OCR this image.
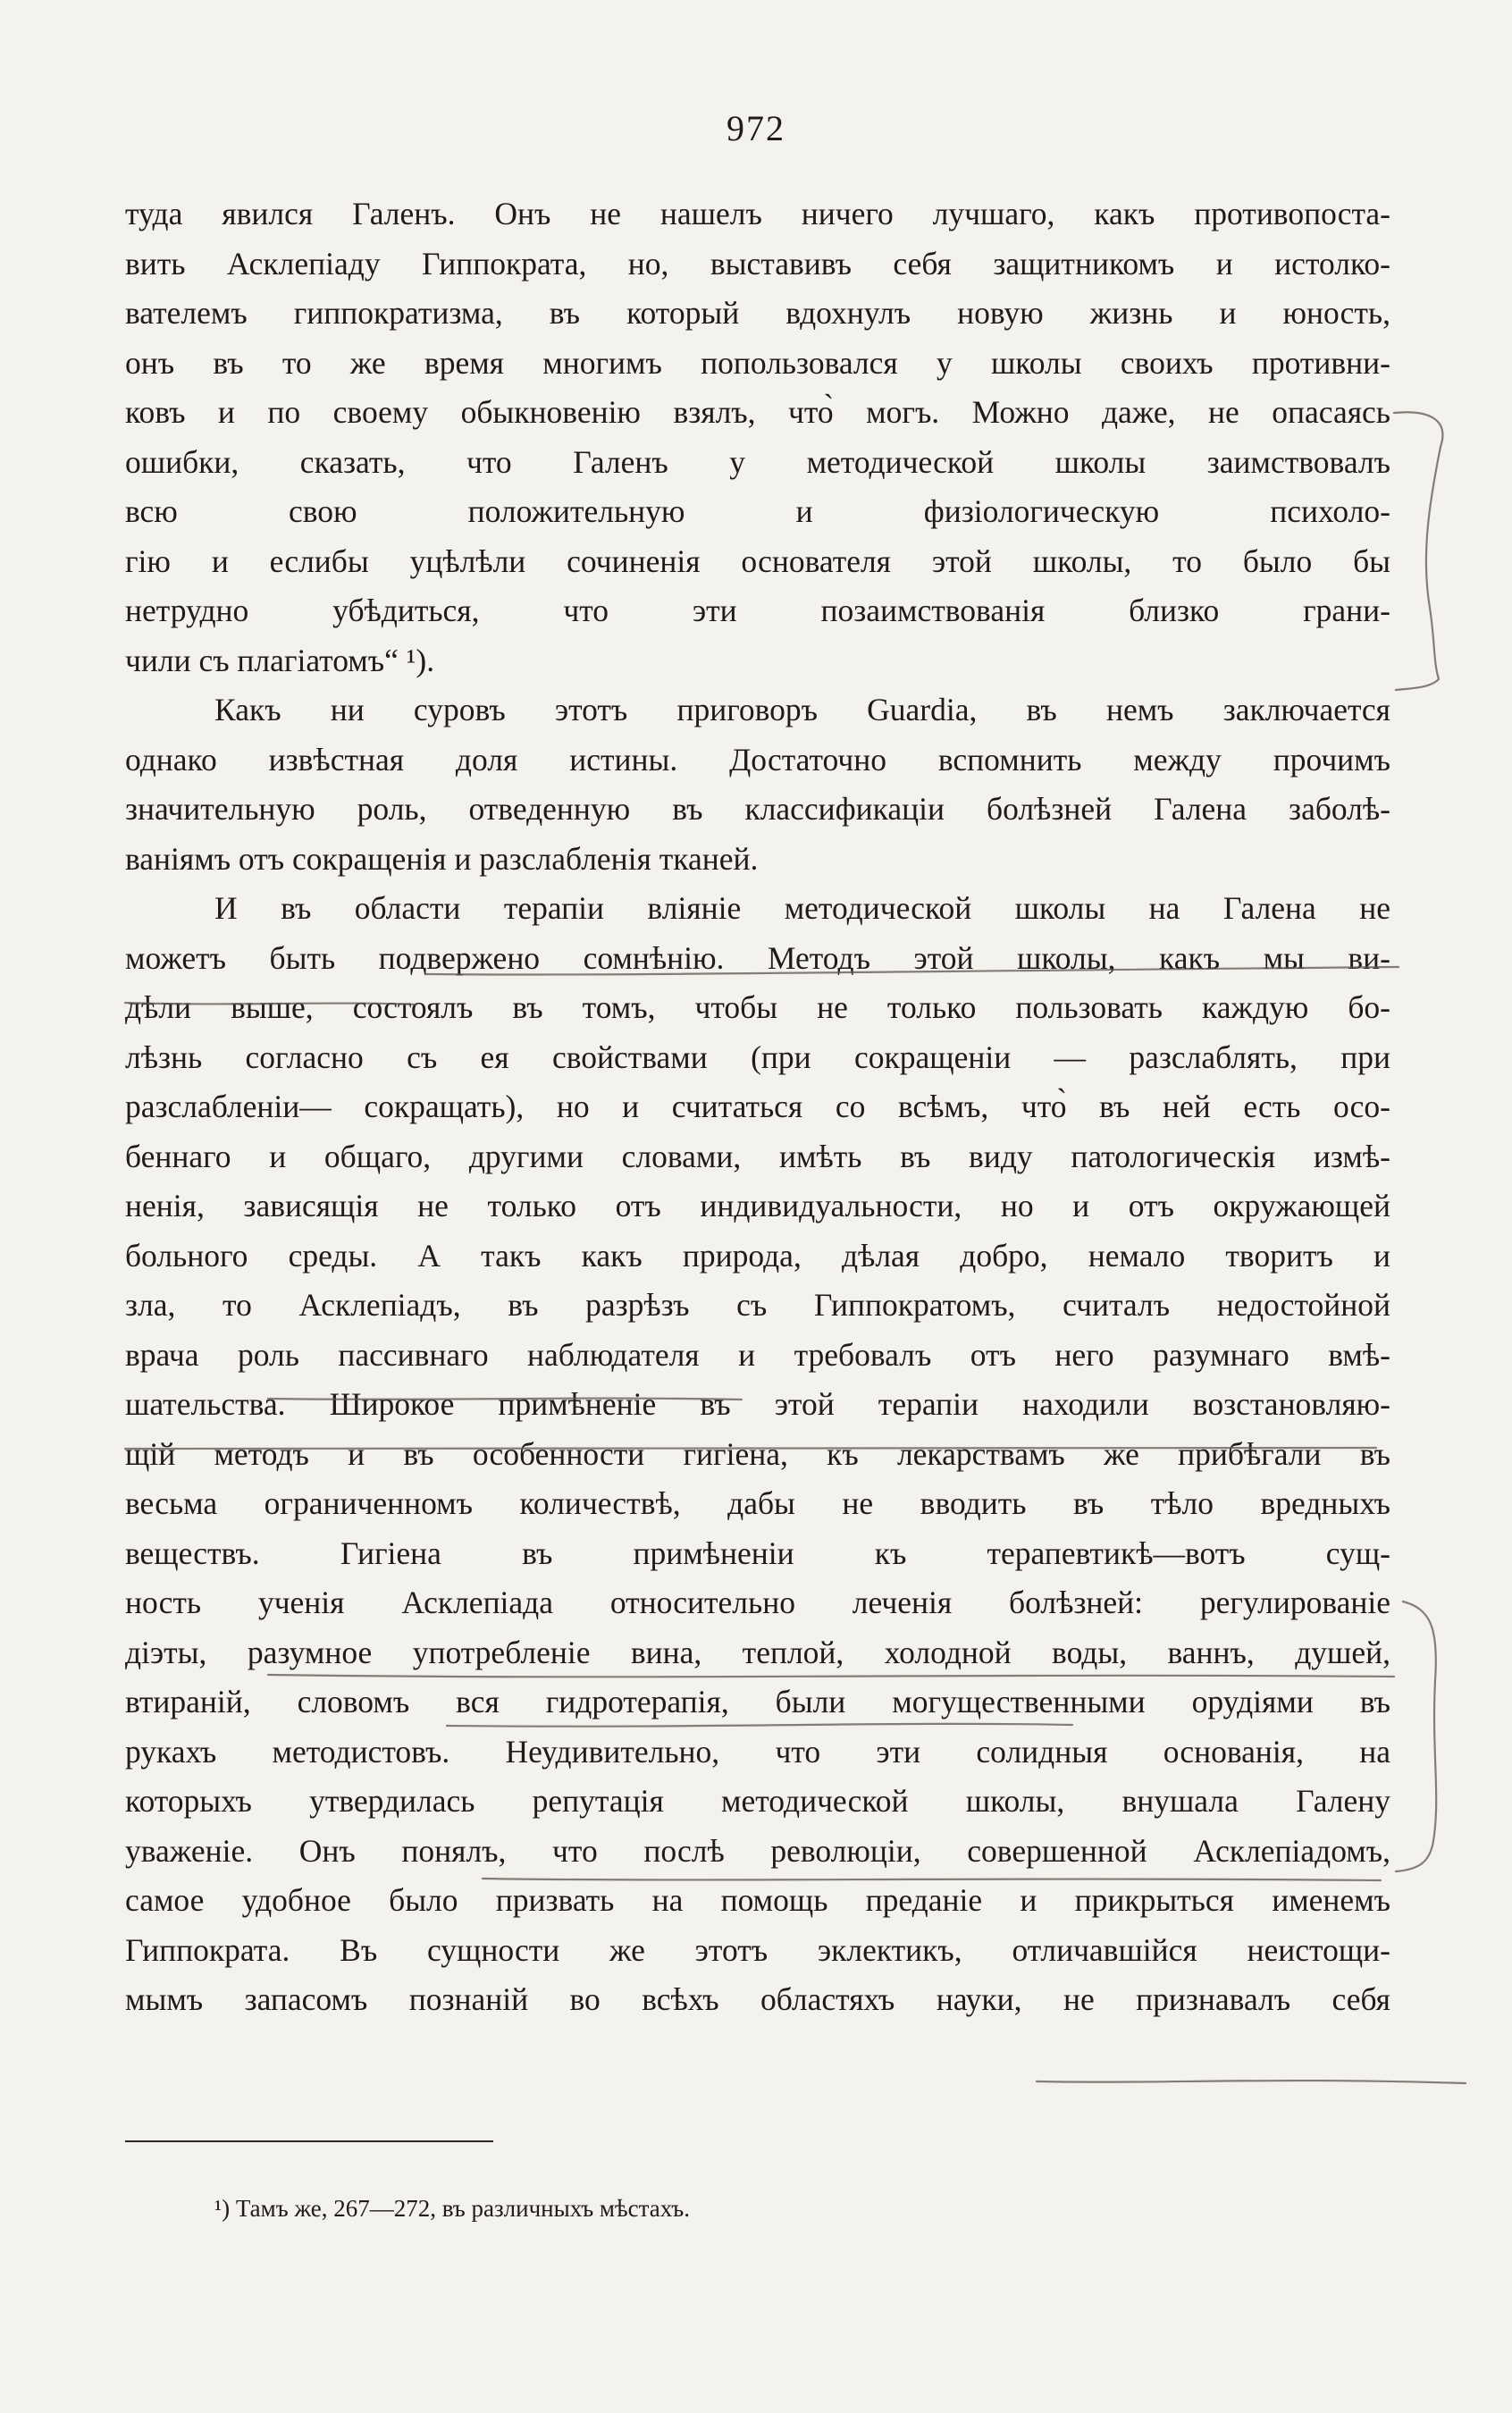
972
туда явился Галенъ. Онъ не нашелъ ничего лучшаго, какъ противопоста-
вить Асклепіаду Гиппократа, но, выставивъ себя защитникомъ и истолко-
вателемъ гиппократизма, въ который вдохнулъ новую жизнь и юность,
онъ въ то же время многимъ попользовался у школы своихъ противни-
ковъ и по своему обыкновенію взялъ, что̀ могъ. Можно даже, не опасаясь
ошибки, сказать, что Галенъ у методической школы заимствовалъ
всю свою положительную и физіологическую психоло-
гію и еслибы уцѣлѣли сочиненія основателя этой школы, то было бы
нетрудно убѣдиться, что эти позаимствованія близко грани-
чили съ плагіатомъ“ ¹).
Какъ ни суровъ этотъ приговоръ Guardia, въ немъ заключается
однако извѣстная доля истины. Достаточно вспомнить между прочимъ
значительную роль, отведенную въ классификаціи болѣзней Галена заболѣ-
ваніямъ отъ сокращенія и разслабленія тканей.
И въ области терапіи вліяніе методической школы на Галена не
можетъ быть подвержено сомнѣнію. Методъ этой школы, какъ мы ви-
дѣли выше, состоялъ въ томъ, чтобы не только пользовать каждую бо-
лѣзнь согласно съ ея свойствами (при сокращеніи — разслаблять, при
разслабленіи— сокращать), но и считаться со всѣмъ, что̀ въ ней есть осо-
беннаго и общаго, другими словами, имѣть въ виду патологическія измѣ-
ненія, зависящія не только отъ индивидуальности, но и отъ окружающей
больного среды. А такъ какъ природа, дѣлая добро, немало творитъ и
зла, то Асклепіадъ, въ разрѣзъ съ Гиппократомъ, считалъ недостойной
врача роль пассивнаго наблюдателя и требовалъ отъ него разумнаго вмѣ-
шательства. Широкое примѣненіе въ этой терапіи находили возстановляю-
щій методъ и въ особенности гигіена, къ лекарствамъ же прибѣгали въ
весьма ограниченномъ количествѣ, дабы не вводить въ тѣло вредныхъ
веществъ. Гигіена въ примѣненіи къ терапевтикѣ—вотъ сущ-
ность ученія Асклепіада относительно леченія болѣзней: регулированіе
діэты, разумное употребленіе вина, теплой, холодной воды, ваннъ, душей,
втираній, словомъ вся гидротерапія, были могущественными орудіями въ
рукахъ методистовъ. Неудивительно, что эти солидныя основанія, на
которыхъ утвердилась репутація методической школы, внушала Галену
уваженіе. Онъ понялъ, что послѣ революціи, совершенной Асклепіадомъ,
самое удобное было призвать на помощь преданіе и прикрыться именемъ
Гиппократа. Въ сущности же этотъ эклектикъ, отличавшійся неистощи-
мымъ запасомъ познаній во всѣхъ областяхъ науки, не признавалъ себя
¹) Тамъ же, 267—272, въ различныхъ мѣстахъ.
